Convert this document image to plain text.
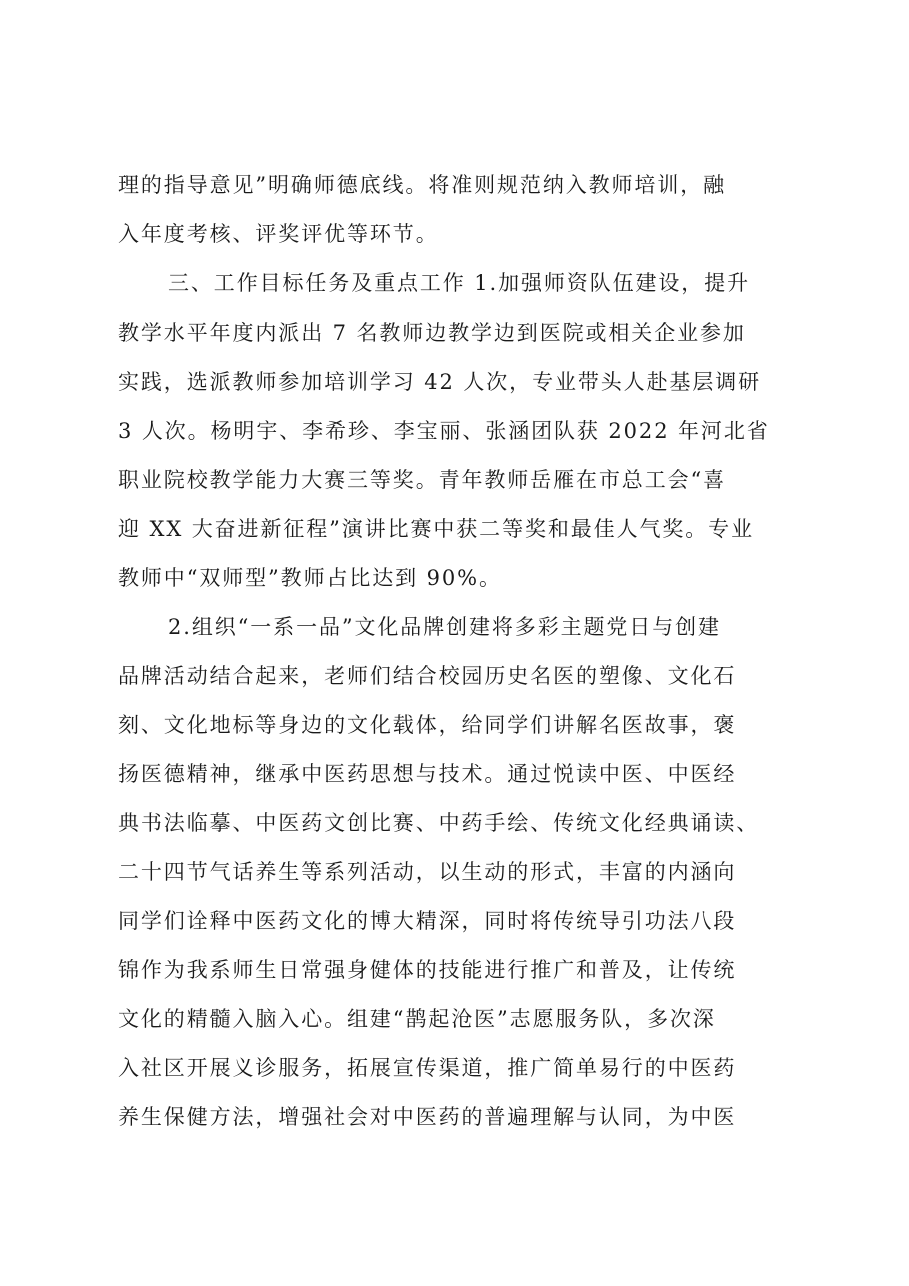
理的指导意见”明确师德底线。将准则规范纳入教师培训，融
入年度考核、评奖评优等环节。
三、工作目标任务及重点工作 1.加强师资队伍建设，提升
教学水平年度内派出 7 名教师边教学边到医院或相关企业参加
实践，选派教师参加培训学习 42 人次，专业带头人赴基层调研
3 人次。杨明宇、李希珍、李宝丽、张涵团队获 2022 年河北省
职业院校教学能力大赛三等奖。青年教师岳雁在市总工会“喜
迎 XX 大奋进新征程”演讲比赛中获二等奖和最佳人气奖。专业
教师中“双师型”教师占比达到 90%。
2.组织“一系一品”文化品牌创建将多彩主题党日与创建
品牌活动结合起来，老师们结合校园历史名医的塑像、文化石
刻、文化地标等身边的文化载体，给同学们讲解名医故事，褒
扬医德精神，继承中医药思想与技术。通过悦读中医、中医经
典书法临摹、中医药文创比赛、中药手绘、传统文化经典诵读、
二十四节气话养生等系列活动，以生动的形式，丰富的内涵向
同学们诠释中医药文化的博大精深，同时将传统导引功法八段
锦作为我系师生日常强身健体的技能进行推广和普及，让传统
文化的精髓入脑入心。组建“鹊起沧医”志愿服务队，多次深
入社区开展义诊服务，拓展宣传渠道，推广简单易行的中医药
养生保健方法，增强社会对中医药的普遍理解与认同，为中医
